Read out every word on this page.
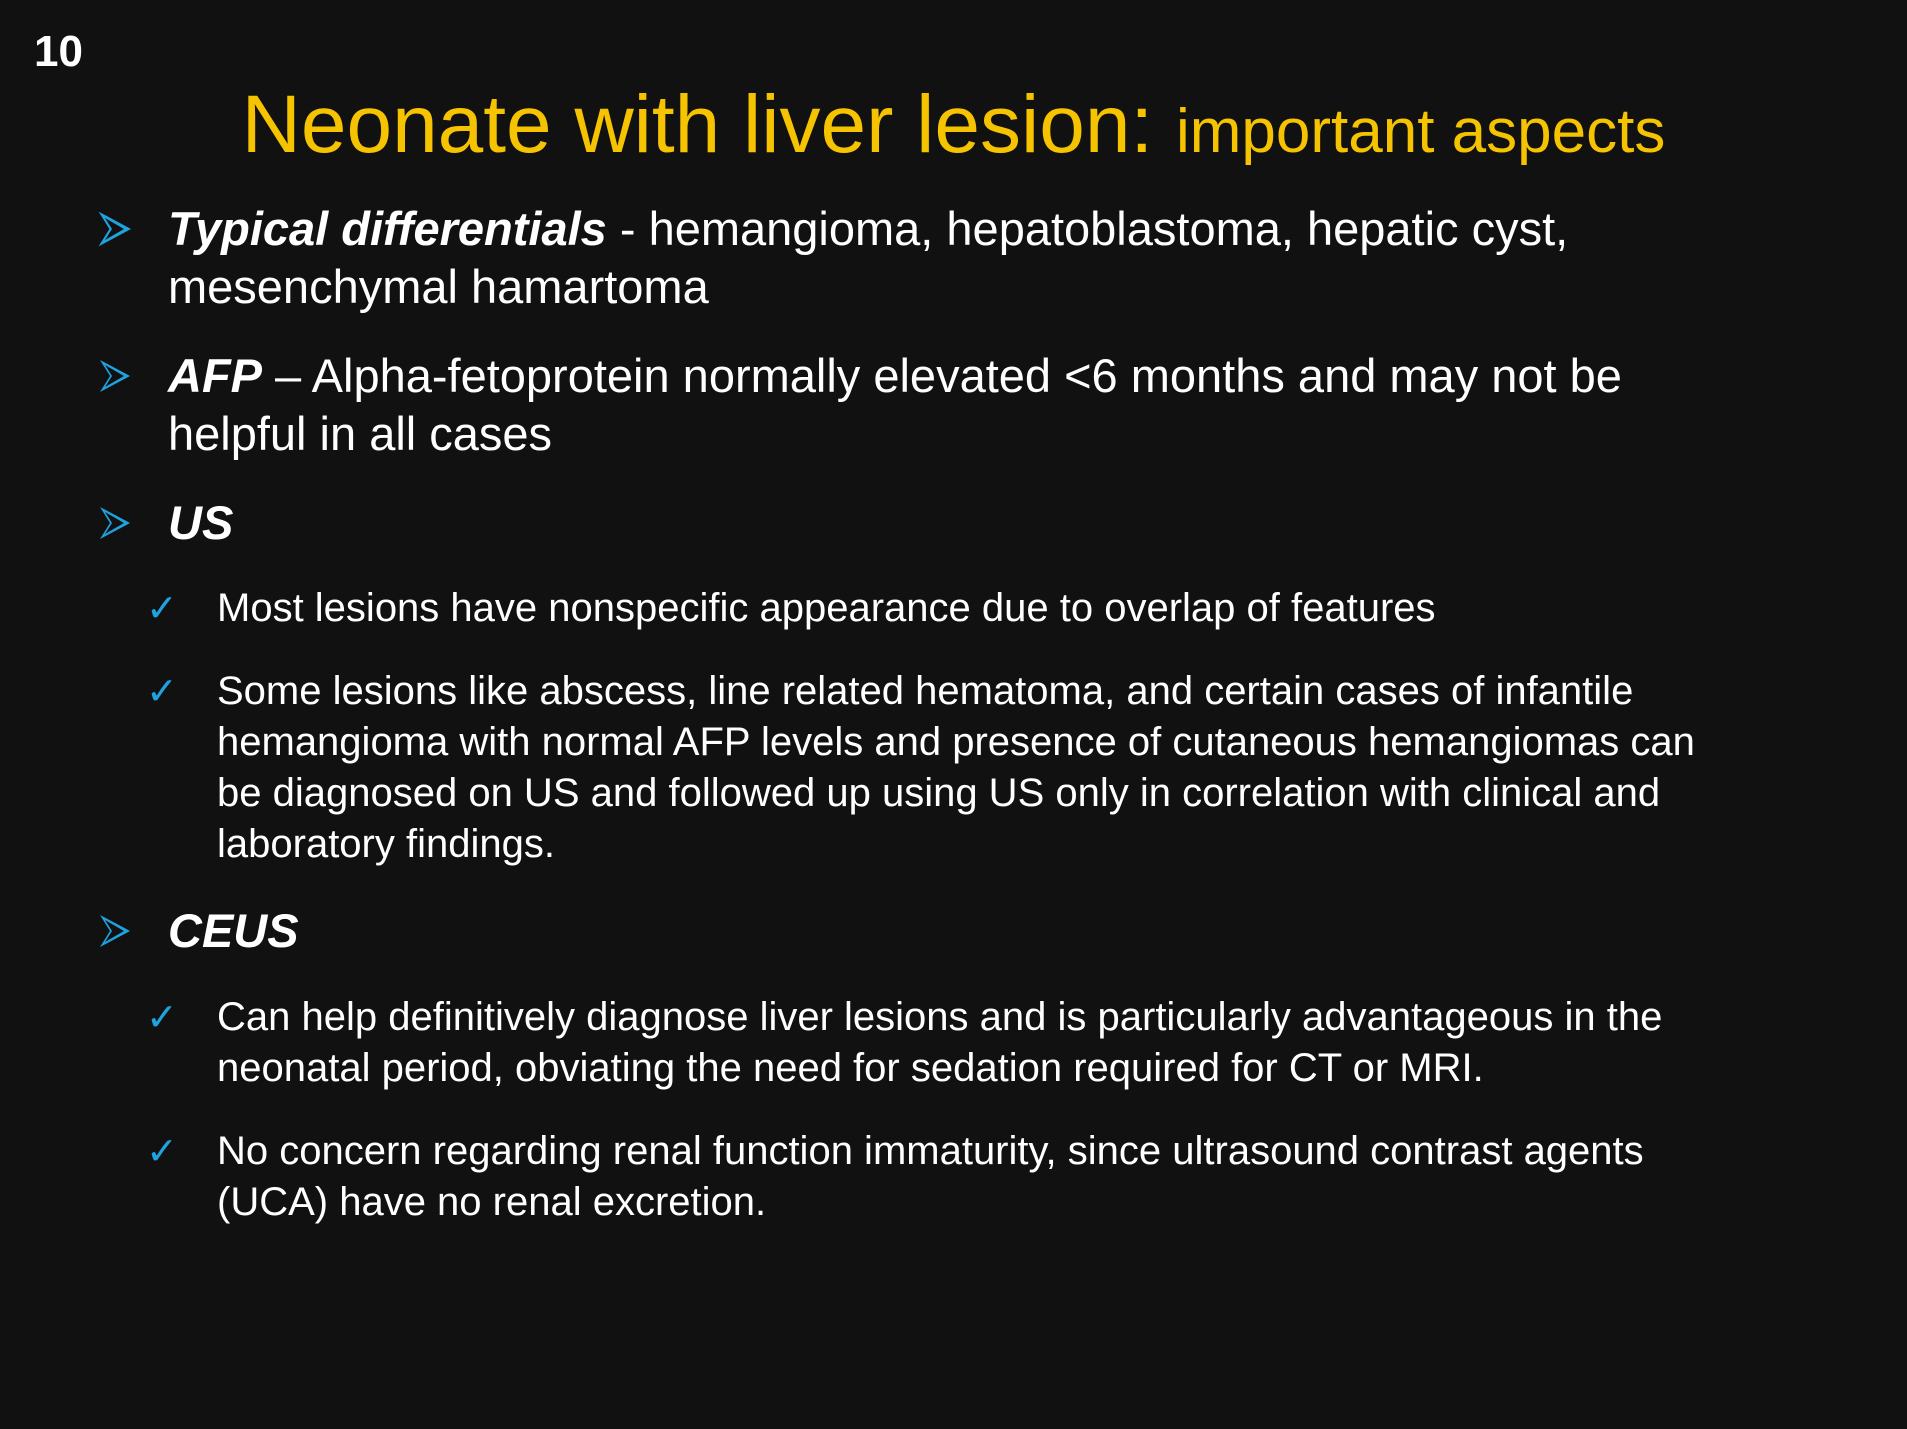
10
Neonate with liver lesion: important aspects
Typical differentials - hemangioma, hepatoblastoma, hepatic cyst, mesenchymal hamartoma
AFP – Alpha-fetoprotein normally elevated <6 months and may not be helpful in all cases
US
✓ Most lesions have nonspecific appearance due to overlap of features
✓ Some lesions like abscess, line related hematoma, and certain cases of infantile hemangioma with normal AFP levels and presence of cutaneous hemangiomas can be diagnosed on US and followed up using US only in correlation with clinical and laboratory findings.
CEUS
✓ Can help definitively diagnose liver lesions and is particularly advantageous in the neonatal period, obviating the need for sedation required for CT or MRI.
✓ No concern regarding renal function immaturity, since ultrasound contrast agents (UCA) have no renal excretion.
